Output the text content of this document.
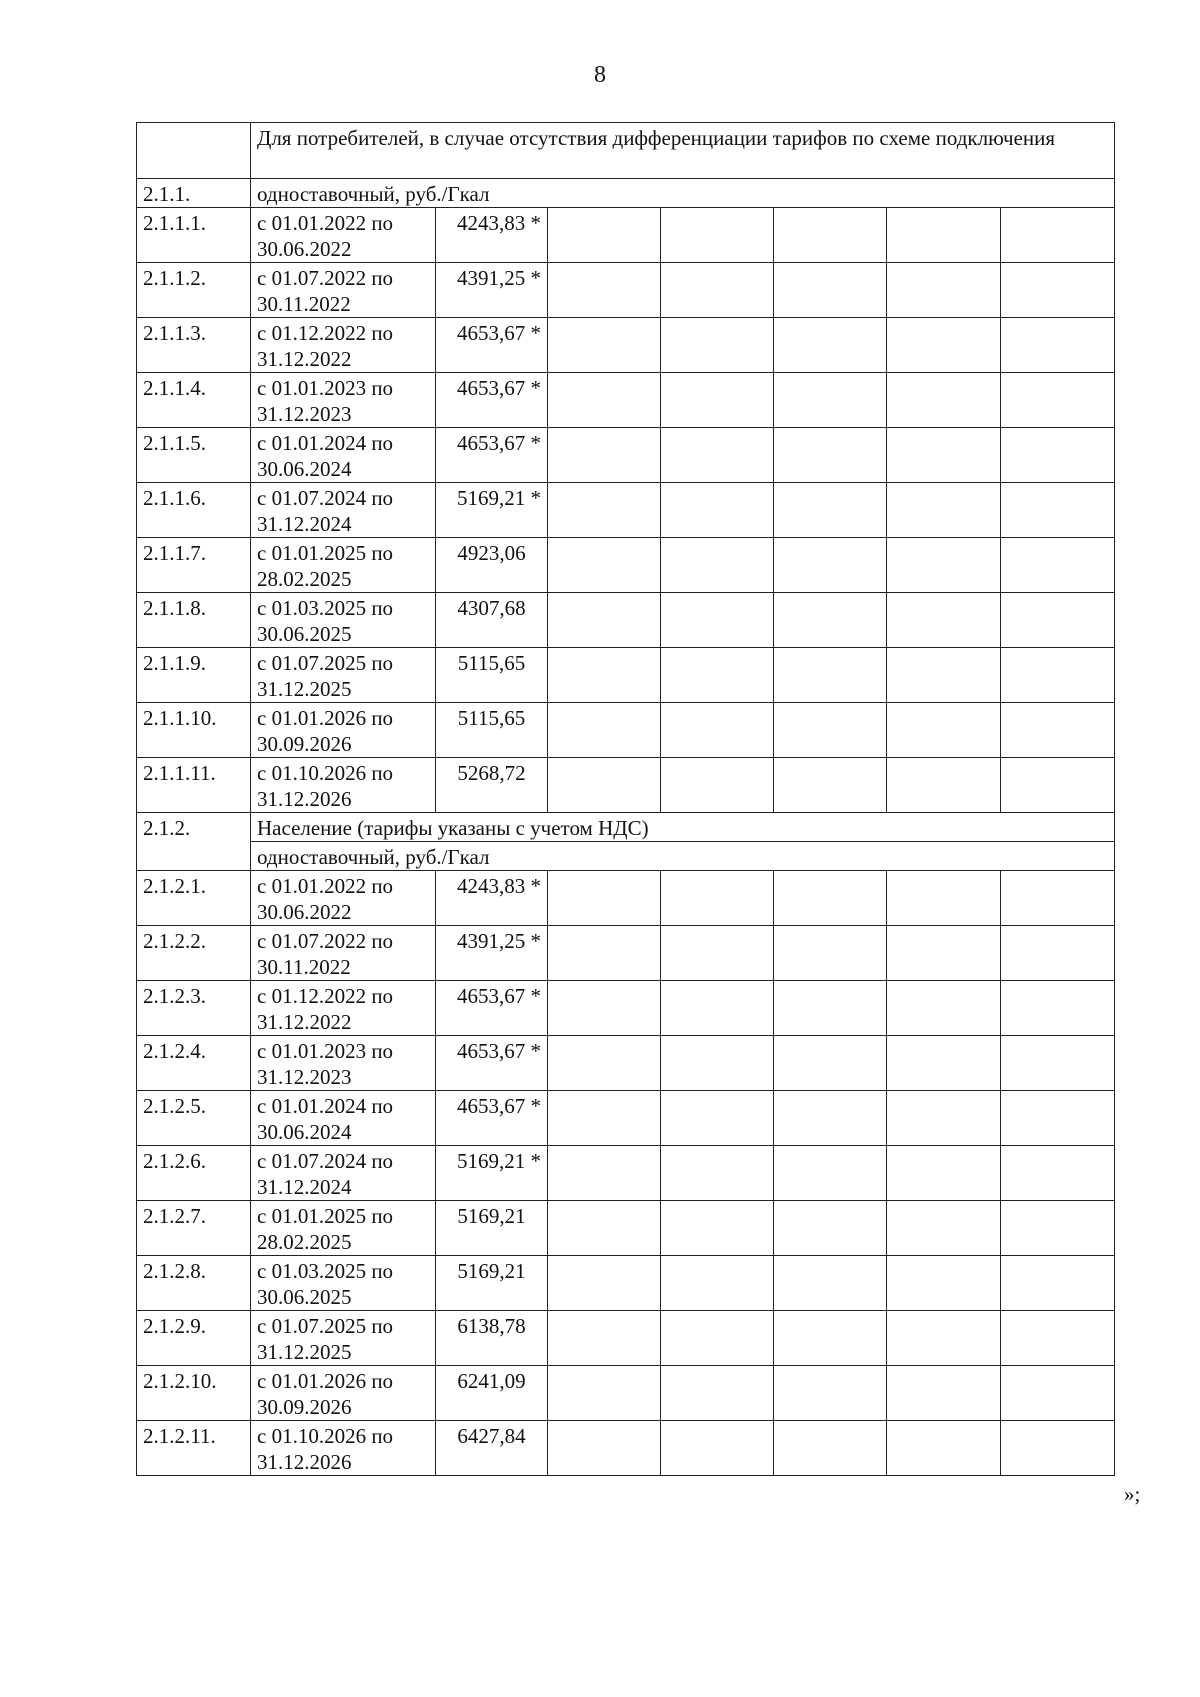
8
	Для потребителей, в случае отсутствия дифференциации тарифов по схеме подключения						
2.1.1.	одноставочный, руб./Гкал						
2.1.1.1.	с 01.01.2022 по
30.06.2022	4243,83 *					
2.1.1.2.	с 01.07.2022 по
30.11.2022	4391,25 *					
2.1.1.3.	с 01.12.2022 по
31.12.2022	4653,67 *					
2.1.1.4.	с 01.01.2023 по
31.12.2023	4653,67 *					
2.1.1.5.	с 01.01.2024 по
30.06.2024	4653,67 *					
2.1.1.6.	с 01.07.2024 по
31.12.2024	5169,21 *					
2.1.1.7.	с 01.01.2025 по
28.02.2025	4923,06					
2.1.1.8.	с 01.03.2025 по
30.06.2025	4307,68					
2.1.1.9.	с 01.07.2025 по
31.12.2025	5115,65					
2.1.1.10.	с 01.01.2026 по
30.09.2026	5115,65					
2.1.1.11.	с 01.10.2026 по
31.12.2026	5268,72					
2.1.2.	Население (тарифы указаны с учетом НДС)						
	одноставочный, руб./Гкал						
2.1.2.1.	с 01.01.2022 по
30.06.2022	4243,83 *					
2.1.2.2.	с 01.07.2022 по
30.11.2022	4391,25 *					
2.1.2.3.	с 01.12.2022 по
31.12.2022	4653,67 *					
2.1.2.4.	с 01.01.2023 по
31.12.2023	4653,67 *					
2.1.2.5.	с 01.01.2024 по
30.06.2024	4653,67 *					
2.1.2.6.	с 01.07.2024 по
31.12.2024	5169,21 *					
2.1.2.7.	с 01.01.2025 по
28.02.2025	5169,21					
2.1.2.8.	с 01.03.2025 по
30.06.2025	5169,21					
2.1.2.9.	с 01.07.2025 по
31.12.2025	6138,78					
2.1.2.10.	с 01.01.2026 по
30.09.2026	6241,09					
2.1.2.11.	с 01.10.2026 по
31.12.2026	6427,84					
»;
